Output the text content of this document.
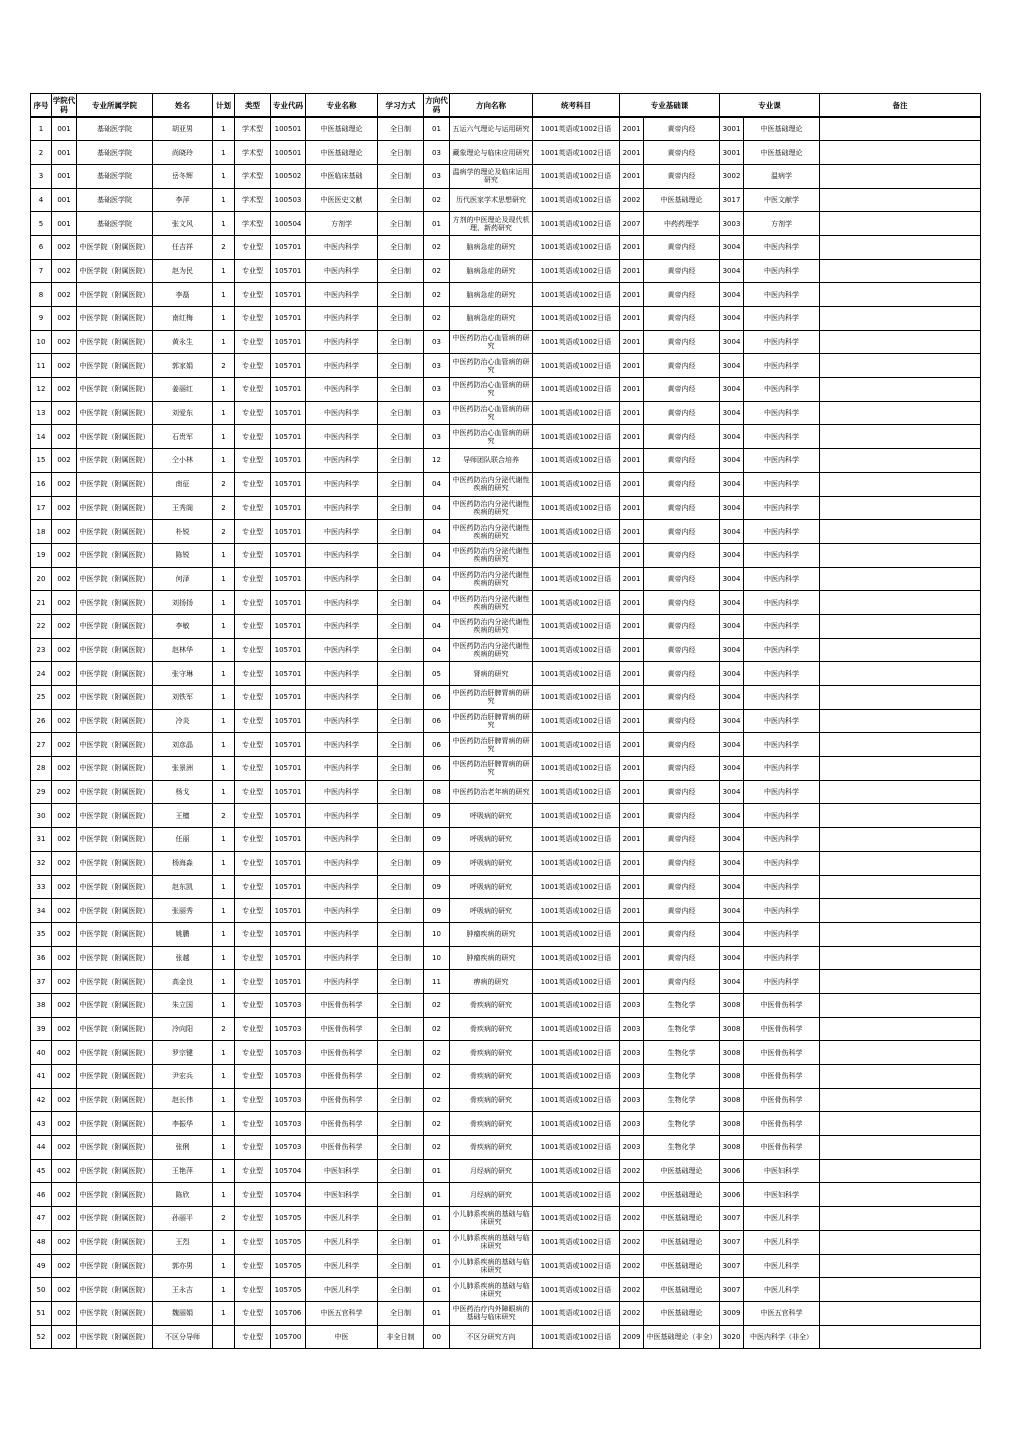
序号	学院代码	专业所属学院	姓名	计划	类型	专业代码	专业名称	学习方式	方向代码	方向名称	统考科目	专业基础课		专业课		备注
1	001	基础医学院	胡亚男	1	学术型	100501	中医基础理论	全日制	01	五运六气理论与运用研究	1001英语或1002日语	2001	黄帝内经	3001	中医基础理论	
2	001	基础医学院	尚晓玲	1	学术型	100501	中医基础理论	全日制	03	藏象理论与临床应用研究	1001英语或1002日语	2001	黄帝内经	3001	中医基础理论	
3	001	基础医学院	岳冬辉	1	学术型	100502	中医临床基础	全日制	03	温病学的理论及临床运用研究	1001英语或1002日语	2001	黄帝内经	3002	温病学	
4	001	基础医学院	李萍	1	学术型	100503	中医医史文献	全日制	02	历代医家学术思想研究	1001英语或1002日语	2002	中医基础理论	3017	中医文献学	
5	001	基础医学院	张文风	1	学术型	100504	方剂学	全日制	01	方剂的中医理论及现代机理、新药研究	1001英语或1002日语	2007	中药药理学	3003	方剂学	
6	002	中医学院（附属医院）	任吉祥	2	专业型	105701	中医内科学	全日制	02	脑病急症的研究	1001英语或1002日语	2001	黄帝内经	3004	中医内科学	
7	002	中医学院（附属医院）	赵为民	1	专业型	105701	中医内科学	全日制	02	脑病急症的研究	1001英语或1002日语	2001	黄帝内经	3004	中医内科学	
8	002	中医学院（附属医院）	李磊	1	专业型	105701	中医内科学	全日制	02	脑病急症的研究	1001英语或1002日语	2001	黄帝内经	3004	中医内科学	
9	002	中医学院（附属医院）	南红梅	1	专业型	105701	中医内科学	全日制	02	脑病急症的研究	1001英语或1002日语	2001	黄帝内经	3004	中医内科学	
10	002	中医学院（附属医院）	黄永生	1	专业型	105701	中医内科学	全日制	03	中医药防治心血管病的研究	1001英语或1002日语	2001	黄帝内经	3004	中医内科学	
11	002	中医学院（附属医院）	郭家娟	2	专业型	105701	中医内科学	全日制	03	中医药防治心血管病的研究	1001英语或1002日语	2001	黄帝内经	3004	中医内科学	
12	002	中医学院（附属医院）	姜丽红	1	专业型	105701	中医内科学	全日制	03	中医药防治心血管病的研究	1001英语或1002日语	2001	黄帝内经	3004	中医内科学	
13	002	中医学院（附属医院）	刘爱东	1	专业型	105701	中医内科学	全日制	03	中医药防治心血管病的研究	1001英语或1002日语	2001	黄帝内经	3004	中医内科学	
14	002	中医学院（附属医院）	石贵军	1	专业型	105701	中医内科学	全日制	03	中医药防治心血管病的研究	1001英语或1002日语	2001	黄帝内经	3004	中医内科学	
15	002	中医学院（附属医院）	仝小林	1	专业型	105701	中医内科学	全日制	12	导师团队联合培养	1001英语或1002日语	2001	黄帝内经	3004	中医内科学	
16	002	中医学院（附属医院）	南征	2	专业型	105701	中医内科学	全日制	04	中医药防治内分泌代谢性疾病的研究	1001英语或1002日语	2001	黄帝内经	3004	中医内科学	
17	002	中医学院（附属医院）	王秀阁	2	专业型	105701	中医内科学	全日制	04	中医药防治内分泌代谢性疾病的研究	1001英语或1002日语	2001	黄帝内经	3004	中医内科学	
18	002	中医学院（附属医院）	朴锐	2	专业型	105701	中医内科学	全日制	04	中医药防治内分泌代谢性疾病的研究	1001英语或1002日语	2001	黄帝内经	3004	中医内科学	
19	002	中医学院（附属医院）	陈锐	1	专业型	105701	中医内科学	全日制	04	中医药防治内分泌代谢性疾病的研究	1001英语或1002日语	2001	黄帝内经	3004	中医内科学	
20	002	中医学院（附属医院）	何泽	1	专业型	105701	中医内科学	全日制	04	中医药防治内分泌代谢性疾病的研究	1001英语或1002日语	2001	黄帝内经	3004	中医内科学	
21	002	中医学院（附属医院）	刘扬扬	1	专业型	105701	中医内科学	全日制	04	中医药防治内分泌代谢性疾病的研究	1001英语或1002日语	2001	黄帝内经	3004	中医内科学	
22	002	中医学院（附属医院）	李敏	1	专业型	105701	中医内科学	全日制	04	中医药防治内分泌代谢性疾病的研究	1001英语或1002日语	2001	黄帝内经	3004	中医内科学	
23	002	中医学院（附属医院）	赵林华	1	专业型	105701	中医内科学	全日制	04	中医药防治内分泌代谢性疾病的研究	1001英语或1002日语	2001	黄帝内经	3004	中医内科学	
24	002	中医学院（附属医院）	张守琳	1	专业型	105701	中医内科学	全日制	05	肾病的研究	1001英语或1002日语	2001	黄帝内经	3004	中医内科学	
25	002	中医学院（附属医院）	刘铁军	1	专业型	105701	中医内科学	全日制	06	中医药防治肝脾胃病的研究	1001英语或1002日语	2001	黄帝内经	3004	中医内科学	
26	002	中医学院（附属医院）	冷炎	1	专业型	105701	中医内科学	全日制	06	中医药防治肝脾胃病的研究	1001英语或1002日语	2001	黄帝内经	3004	中医内科学	
27	002	中医学院（附属医院）	刘彦晶	1	专业型	105701	中医内科学	全日制	06	中医药防治肝脾胃病的研究	1001英语或1002日语	2001	黄帝内经	3004	中医内科学	
28	002	中医学院（附属医院）	张景洲	1	专业型	105701	中医内科学	全日制	06	中医药防治肝脾胃病的研究	1001英语或1002日语	2001	黄帝内经	3004	中医内科学	
29	002	中医学院（附属医院）	杨戈	1	专业型	105701	中医内科学	全日制	08	中医药防治老年病的研究	1001英语或1002日语	2001	黄帝内经	3004	中医内科学	
30	002	中医学院（附属医院）	王檀	2	专业型	105701	中医内科学	全日制	09	呼吸病的研究	1001英语或1002日语	2001	黄帝内经	3004	中医内科学	
31	002	中医学院（附属医院）	任丽	1	专业型	105701	中医内科学	全日制	09	呼吸病的研究	1001英语或1002日语	2001	黄帝内经	3004	中医内科学	
32	002	中医学院（附属医院）	杨海淼	1	专业型	105701	中医内科学	全日制	09	呼吸病的研究	1001英语或1002日语	2001	黄帝内经	3004	中医内科学	
33	002	中医学院（附属医院）	赵东凯	1	专业型	105701	中医内科学	全日制	09	呼吸病的研究	1001英语或1002日语	2001	黄帝内经	3004	中医内科学	
34	002	中医学院（附属医院）	张丽秀	1	专业型	105701	中医内科学	全日制	09	呼吸病的研究	1001英语或1002日语	2001	黄帝内经	3004	中医内科学	
35	002	中医学院（附属医院）	姚鹏	1	专业型	105701	中医内科学	全日制	10	肿瘤疾病的研究	1001英语或1002日语	2001	黄帝内经	3004	中医内科学	
36	002	中医学院（附属医院）	张越	1	专业型	105701	中医内科学	全日制	10	肿瘤疾病的研究	1001英语或1002日语	2001	黄帝内经	3004	中医内科学	
37	002	中医学院（附属医院）	高金良	1	专业型	105701	中医内科学	全日制	11	痹病的研究	1001英语或1002日语	2001	黄帝内经	3004	中医内科学	
38	002	中医学院（附属医院）	朱立国	1	专业型	105703	中医骨伤科学	全日制	02	骨疾病的研究	1001英语或1002日语	2003	生物化学	3008	中医骨伤科学	
39	002	中医学院（附属医院）	冷向阳	2	专业型	105703	中医骨伤科学	全日制	02	骨疾病的研究	1001英语或1002日语	2003	生物化学	3008	中医骨伤科学	
40	002	中医学院（附属医院）	罗宗键	1	专业型	105703	中医骨伤科学	全日制	02	骨疾病的研究	1001英语或1002日语	2003	生物化学	3008	中医骨伤科学	
41	002	中医学院（附属医院）	尹宏兵	1	专业型	105703	中医骨伤科学	全日制	02	骨疾病的研究	1001英语或1002日语	2003	生物化学	3008	中医骨伤科学	
42	002	中医学院（附属医院）	赵长伟	1	专业型	105703	中医骨伤科学	全日制	02	骨疾病的研究	1001英语或1002日语	2003	生物化学	3008	中医骨伤科学	
43	002	中医学院（附属医院）	李振华	1	专业型	105703	中医骨伤科学	全日制	02	骨疾病的研究	1001英语或1002日语	2003	生物化学	3008	中医骨伤科学	
44	002	中医学院（附属医院）	张俐	1	专业型	105703	中医骨伤科学	全日制	02	骨疾病的研究	1001英语或1002日语	2003	生物化学	3008	中医骨伤科学	
45	002	中医学院（附属医院）	王艳萍	1	专业型	105704	中医妇科学	全日制	01	月经病的研究	1001英语或1002日语	2002	中医基础理论	3006	中医妇科学	
46	002	中医学院（附属医院）	陈欣	1	专业型	105704	中医妇科学	全日制	01	月经病的研究	1001英语或1002日语	2002	中医基础理论	3006	中医妇科学	
47	002	中医学院（附属医院）	孙丽平	2	专业型	105705	中医儿科学	全日制	01	小儿肺系疾病的基础与临床研究	1001英语或1002日语	2002	中医基础理论	3007	中医儿科学	
48	002	中医学院（附属医院）	王烈	1	专业型	105705	中医儿科学	全日制	01	小儿肺系疾病的基础与临床研究	1001英语或1002日语	2002	中医基础理论	3007	中医儿科学	
49	002	中医学院（附属医院）	郭亦男	1	专业型	105705	中医儿科学	全日制	01	小儿肺系疾病的基础与临床研究	1001英语或1002日语	2002	中医基础理论	3007	中医儿科学	
50	002	中医学院（附属医院）	王永吉	1	专业型	105705	中医儿科学	全日制	01	小儿肺系疾病的基础与临床研究	1001英语或1002日语	2002	中医基础理论	3007	中医儿科学	
51	002	中医学院（附属医院）	魏丽娟	1	专业型	105706	中医五官科学	全日制	01	中医药治疗内外障眼病的基础与临床研究	1001英语或1002日语	2002	中医基础理论	3009	中医五官科学	
52	002	中医学院（附属医院）	不区分导师		专业型	105700	中医	非全日制	00	不区分研究方向	1001英语或1002日语	2009	中医基础理论（非全）	3020	中医内科学（非全）	
